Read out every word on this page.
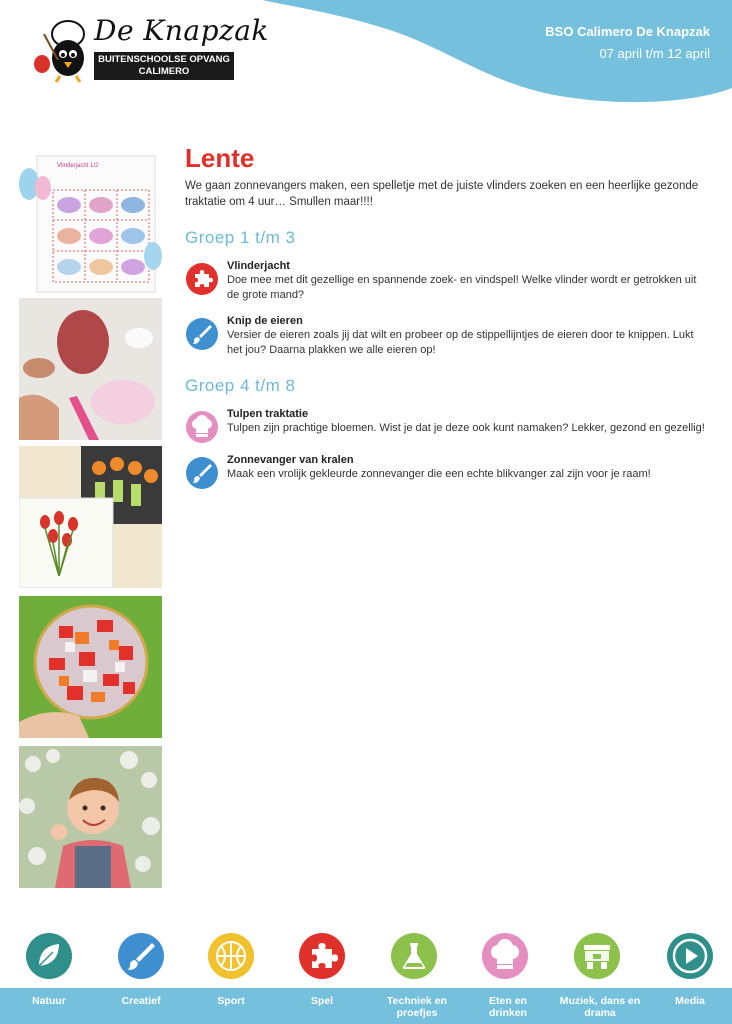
De Knapzak
BUITENSCHOOLSE OPVANG
CALIMERO
BSO Calimero De Knapzak
07 april t/m 12 april
Vlinderjacht 1/2	Lente
We gaan zonnevangers maken, een spelletje met de juiste vlinders zoeken en een heerlijke gezonde traktatie om 4 uur… Smullen maar!!!!
Groep 1 t/m 3
Vlinderjacht
Doe mee met dit gezellige en spannende zoek- en vindspel! Welke vlinder wordt er getrokken uit de grote mand?
Knip de eieren
Versier de eieren zoals jij dat wilt en probeer op de stippellijntjes de eieren door te knippen. Lukt het jou? Daarna plakken we alle eieren op!
Groep 4 t/m 8
Tulpen traktatie
Tulpen zijn prachtige bloemen. Wist je dat je deze ook kunt namaken? Lekker, gezond en gezellig!
Zonnevanger van kralen
Maak een vrolijk gekleurde zonnevanger die een echte blikvanger zal zijn voor je raam!
Natuur	Creatief	Sport	Spel	Techniek en proefjes
Eten en drinken
Muziek, dans en drama
Media
